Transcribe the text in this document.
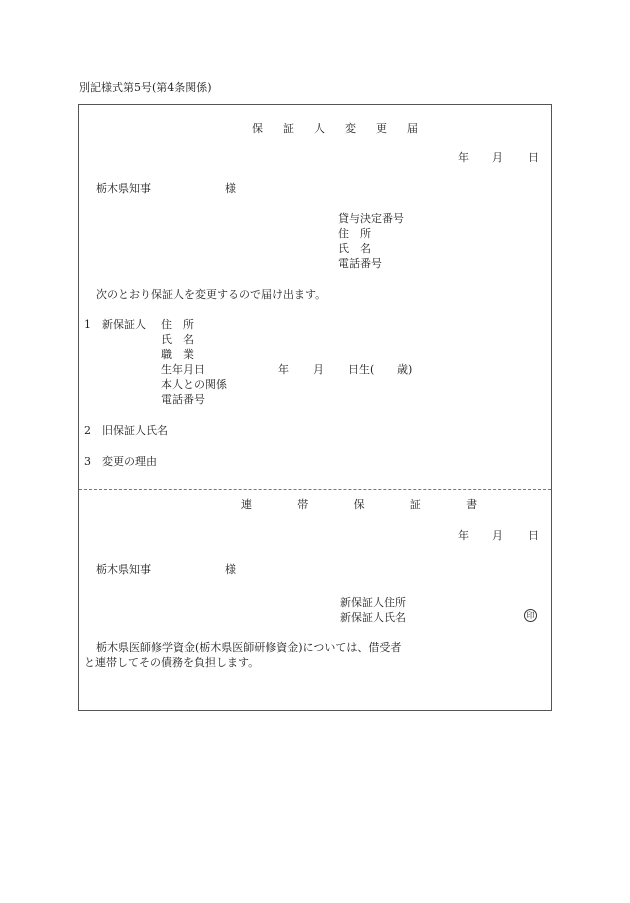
別記様式第5号(第4条関係)
保 証 人 変 更 届
年 月 日
栃木県知事	様
貸与決定番号
住　所
氏　名
電話番号
次のとおり保証人を変更するので届け出ます。
1 新保証人 住　所
氏　名
職　業
生年月日	年 月 日生( 歳)
本人との関係
電話番号
2 旧保証人氏名
3 変更の理由
連 帯 保 証 書
年 月 日
栃木県知事	様
新保証人住所
新保証人氏名	印
栃木県医師修学資金(栃木県医師研修資金)については、借受者
と連帯してその債務を負担します。
